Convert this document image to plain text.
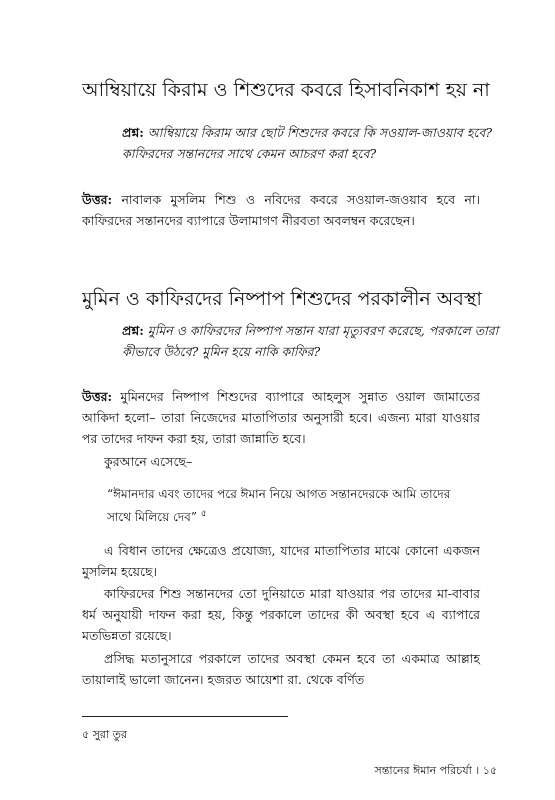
আম্বিয়ায়ে কিরাম ও শিশুদের কবরে হিসাবনিকাশ হয় না
প্রশ্ন: আম্বিয়ায়ে কিরাম আর ছোট শিশুদের কবরে কি সওয়াল-জাওয়াব হবে? কাফিরদের সন্তানদের সাথে কেমন আচরণ করা হবে?
উত্তর: নাবালক মুসলিম শিশু ও নবিদের কবরে সওয়াল-জওয়াব হবে না। কাফিরদের সন্তানদের ব্যাপারে উলামাগণ নীরবতা অবলম্বন করেছেন।
মুমিন ও কাফিরদের নিষ্পাপ শিশুদের পরকালীন অবস্থা
প্রশ্ন: মুমিন ও কাফিরদের নিষ্পাপ সন্তান যারা মৃত্যুবরণ করেছে, পরকালে তারা কীভাবে উঠবে? মুমিন হয়ে নাকি কাফির?
উত্তর: মুমিনদের নিষ্পাপ শিশুদের ব্যাপারে আহলুস সুন্নাত ওয়াল জামাতের আকিদা হলো– তারা নিজেদের মাতাপিতার অনুসারী হবে। এজন্য মারা যাওয়ার পর তাদের দাফন করা হয়, তারা জান্নাতি হবে।
কুরআনে এসেছে–
“ঈমানদার এবং তাদের পরে ঈমান নিয়ে আগত সন্তানদেরকে আমি তাদের সাথে মিলিয়ে দেব” $^৫$
এ বিধান তাদের ক্ষেত্রেও প্রযোজ্য, যাদের মাতাপিতার মাঝে কোনো একজন মুসলিম হয়েছে।
কাফিরদের শিশু সন্তানদের তো দুনিয়াতে মারা যাওয়ার পর তাদের মা-বাবার ধর্ম অনুযায়ী দাফন করা হয়, কিন্তু পরকালে তাদের কী অবস্থা হবে এ ব্যাপারে মতভিন্নতা রয়েছে।
প্রসিদ্ধ মতানুসারে পরকালে তাদের অবস্থা কেমন হবে তা একমাত্র আল্লাহ তায়ালাই ভালো জানেন। হজরত আয়েশা রা. থেকে বর্ণিত
৫ সুরা তুর
সন্তানের ঈমান পরিচর্যা । ১৫
